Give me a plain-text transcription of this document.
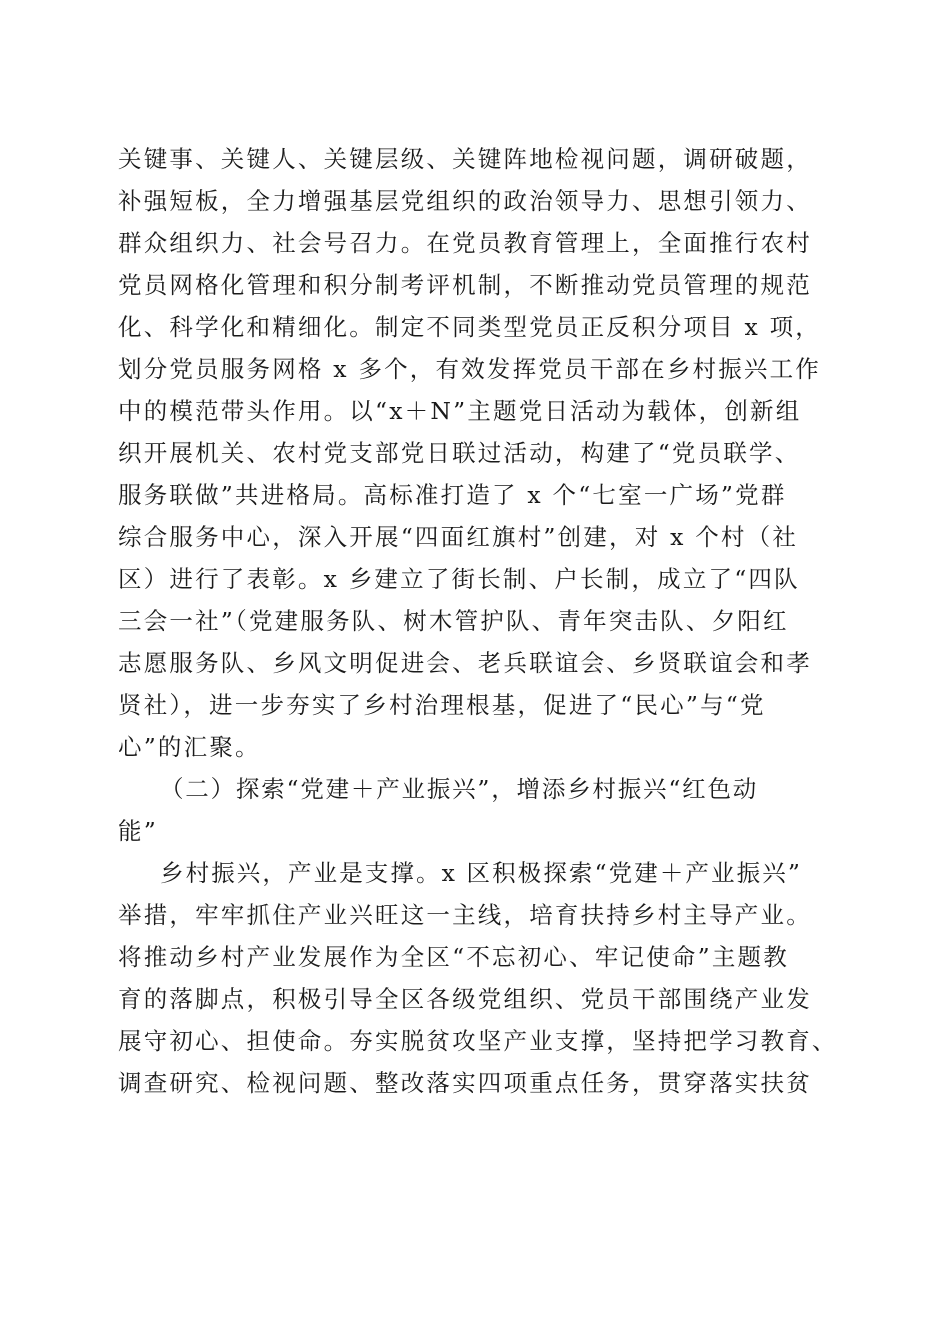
关键事、关键人、关键层级、关键阵地检视问题，调研破题，
补强短板，全力增强基层党组织的政治领导力、思想引领力、
群众组织力、社会号召力。在党员教育管理上，全面推行农村
党员网格化管理和积分制考评机制，不断推动党员管理的规范
化、科学化和精细化。制定不同类型党员正反积分项目 x 项，
划分党员服务网格 x 多个，有效发挥党员干部在乡村振兴工作
中的模范带头作用。以“x＋N”主题党日活动为载体，创新组
织开展机关、农村党支部党日联过活动，构建了“党员联学、
服务联做”共进格局。高标准打造了 x 个“七室一广场”党群
综合服务中心，深入开展“四面红旗村”创建，对 x 个村（社
区）进行了表彰。x 乡建立了街长制、户长制，成立了“四队
三会一社”（党建服务队、树木管护队、青年突击队、夕阳红
志愿服务队、乡风文明促进会、老兵联谊会、乡贤联谊会和孝
贤社），进一步夯实了乡村治理根基，促进了“民心”与“党
心”的汇聚。
（二）探索“党建＋产业振兴”，增添乡村振兴“红色动
能”
乡村振兴，产业是支撑。x 区积极探索“党建＋产业振兴”
举措，牢牢抓住产业兴旺这一主线，培育扶持乡村主导产业。
将推动乡村产业发展作为全区“不忘初心、牢记使命”主题教
育的落脚点，积极引导全区各级党组织、党员干部围绕产业发
展守初心、担使命。夯实脱贫攻坚产业支撑，坚持把学习教育、
调查研究、检视问题、整改落实四项重点任务，贯穿落实扶贫
